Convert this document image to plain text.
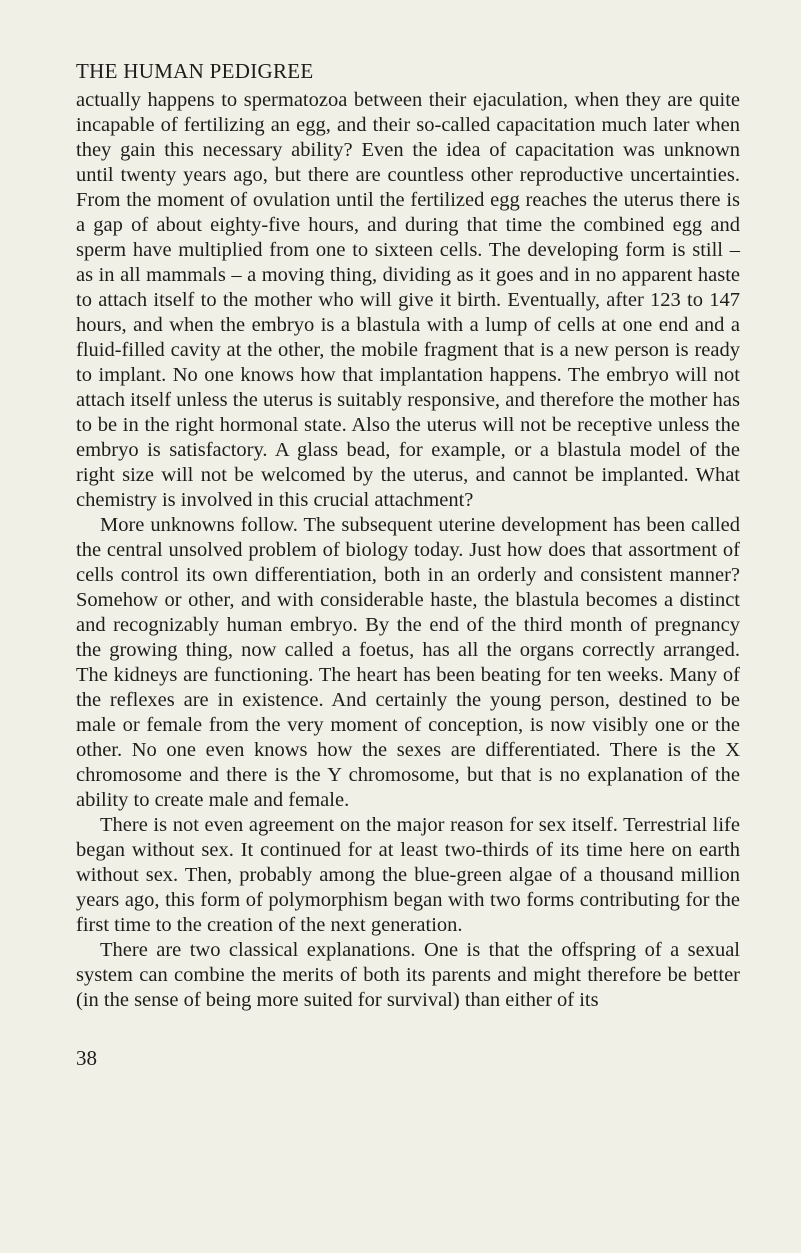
THE HUMAN PEDIGREE

actually happens to spermatozoa between their ejaculation, when they are quite incapable of fertilizing an egg, and their so-called capacitation much later when they gain this necessary ability? Even the idea of capacitation was unknown until twenty years ago, but there are countless other reproductive uncertainties. From the moment of ovulation until the fertilized egg reaches the uterus there is a gap of about eighty-five hours, and during that time the combined egg and sperm have multiplied from one to sixteen cells. The developing form is still – as in all mammals – a moving thing, dividing as it goes and in no apparent haste to attach itself to the mother who will give it birth. Eventually, after 123 to 147 hours, and when the embryo is a blastula with a lump of cells at one end and a fluid-filled cavity at the other, the mobile fragment that is a new person is ready to implant. No one knows how that implantation happens. The embryo will not attach itself unless the uterus is suitably responsive, and therefore the mother has to be in the right hormonal state. Also the uterus will not be receptive unless the embryo is satisfactory. A glass bead, for example, or a blastula model of the right size will not be welcomed by the uterus, and cannot be implanted. What chemistry is involved in this crucial attachment?

More unknowns follow. The subsequent uterine development has been called the central unsolved problem of biology today. Just how does that assortment of cells control its own differentiation, both in an orderly and consistent manner? Somehow or other, and with considerable haste, the blastula becomes a distinct and recognizably human embryo. By the end of the third month of pregnancy the growing thing, now called a foetus, has all the organs correctly arranged. The kidneys are functioning. The heart has been beating for ten weeks. Many of the reflexes are in existence. And certainly the young person, destined to be male or female from the very moment of conception, is now visibly one or the other. No one even knows how the sexes are differentiated. There is the X chromosome and there is the Y chromosome, but that is no explanation of the ability to create male and female.

There is not even agreement on the major reason for sex itself. Terrestrial life began without sex. It continued for at least two-thirds of its time here on earth without sex. Then, probably among the blue-green algae of a thousand million years ago, this form of polymorphism began with two forms contributing for the first time to the creation of the next generation.

There are two classical explanations. One is that the offspring of a sexual system can combine the merits of both its parents and might therefore be better (in the sense of being more suited for survival) than either of its

38
